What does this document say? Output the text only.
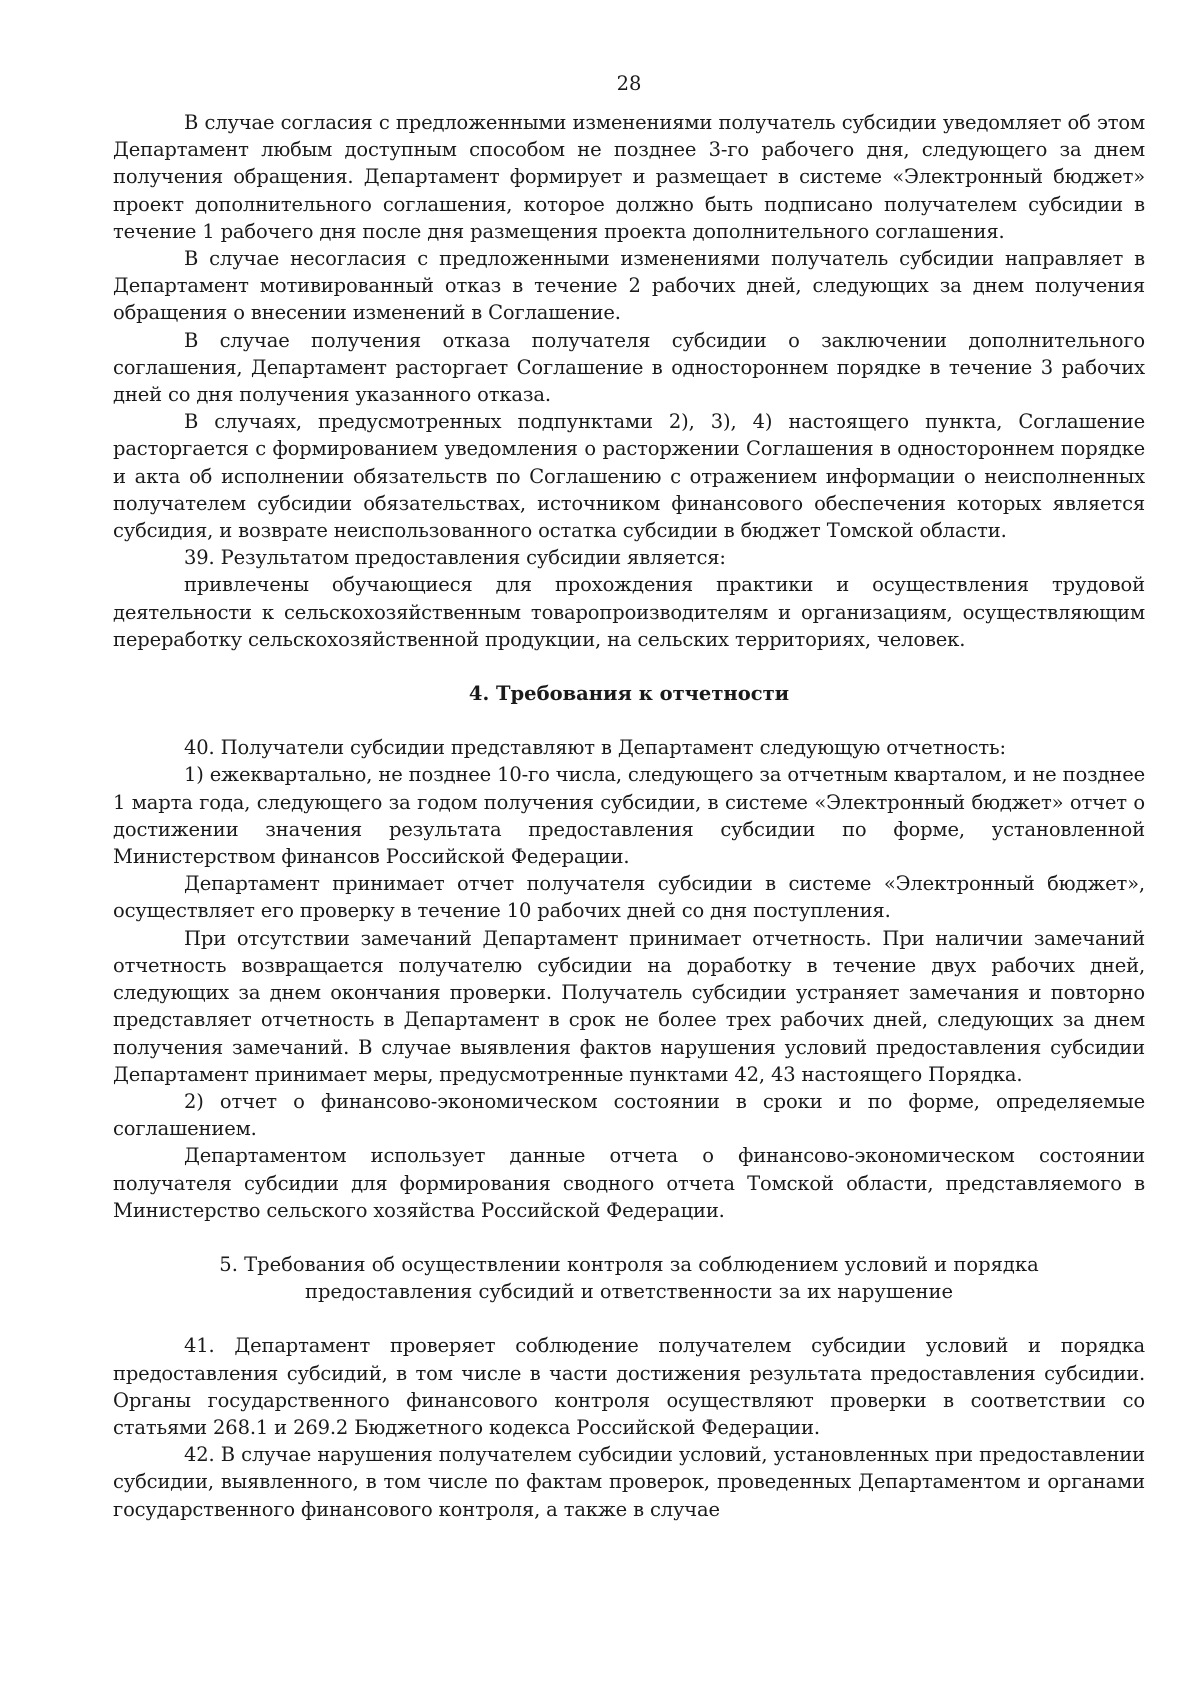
28

В случае согласия с предложенными изменениями получатель субсидии уведомляет об этом Департамент любым доступным способом не позднее 3-го рабочего дня, следующего за днем получения обращения. Департамент формирует и размещает в системе «Электронный бюджет» проект дополнительного соглашения, которое должно быть подписано получателем субсидии в течение 1 рабочего дня после дня размещения проекта дополнительного соглашения.

В случае несогласия с предложенными изменениями получатель субсидии направляет в Департамент мотивированный отказ в течение 2 рабочих дней, следующих за днем получения обращения о внесении изменений в Соглашение.

В случае получения отказа получателя субсидии о заключении дополнительного соглашения, Департамент расторгает Соглашение в одностороннем порядке в течение 3 рабочих дней со дня получения указанного отказа.

В случаях, предусмотренных подпунктами 2), 3), 4) настоящего пункта, Соглашение расторгается с формированием уведомления о расторжении Соглашения в одностороннем порядке и акта об исполнении обязательств по Соглашению с отражением информации о неисполненных получателем субсидии обязательствах, источником финансового обеспечения которых является субсидия, и возврате неиспользованного остатка субсидии в бюджет Томской области.

39. Результатом предоставления субсидии является:

привлечены обучающиеся для прохождения практики и осуществления трудовой деятельности к сельскохозяйственным товаропроизводителям и организациям, осуществляющим переработку сельскохозяйственной продукции, на сельских территориях, человек.

4. Требования к отчетности

40. Получатели субсидии представляют в Департамент следующую отчетность:

1) ежеквартально, не позднее 10-го числа, следующего за отчетным кварталом, и не позднее 1 марта года, следующего за годом получения субсидии, в системе «Электронный бюджет» отчет о достижении значения результата предоставления субсидии по форме, установленной Министерством финансов Российской Федерации.

Департамент принимает отчет получателя субсидии в системе «Электронный бюджет», осуществляет его проверку в течение 10 рабочих дней со дня поступления.

При отсутствии замечаний Департамент принимает отчетность. При наличии замечаний отчетность возвращается получателю субсидии на доработку в течение двух рабочих дней, следующих за днем окончания проверки. Получатель субсидии устраняет замечания и повторно представляет отчетность в Департамент в срок не более трех рабочих дней, следующих за днем получения замечаний. В случае выявления фактов нарушения условий предоставления субсидии Департамент принимает меры, предусмотренные пунктами 42, 43 настоящего Порядка.

2) отчет о финансово-экономическом состоянии в сроки и по форме, определяемые соглашением.

Департаментом использует данные отчета о финансово-экономическом состоянии получателя субсидии для формирования сводного отчета Томской области, представляемого в Министерство сельского хозяйства Российской Федерации.

5. Требования об осуществлении контроля за соблюдением условий и порядка
предоставления субсидий и ответственности за их нарушение

41. Департамент проверяет соблюдение получателем субсидии условий и порядка предоставления субсидий, в том числе в части достижения результата предоставления субсидии. Органы государственного финансового контроля осуществляют проверки в соответствии со статьями 268.1 и 269.2 Бюджетного кодекса Российской Федерации.

42. В случае нарушения получателем субсидии условий, установленных при предоставлении субсидии, выявленного, в том числе по фактам проверок, проведенных Департаментом и органами государственного финансового контроля, а также в случае
